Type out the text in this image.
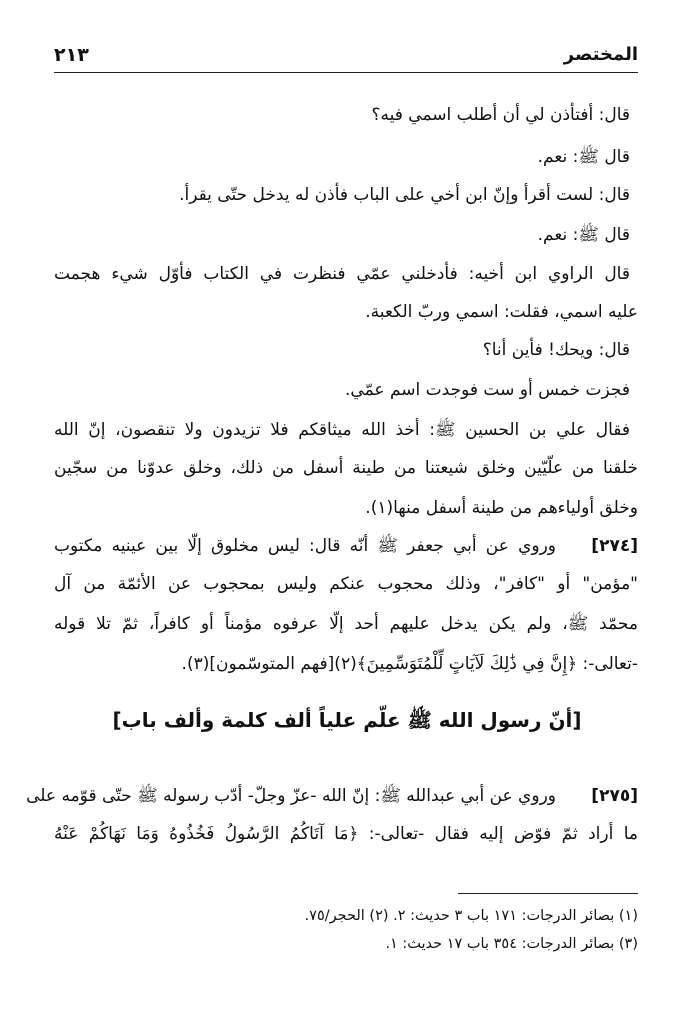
٢١٣	المختصر
قال: أفتأذن لي أن أطلب اسمي فيه؟
قال ﷺ: نعم.
قال: لست أقرأ وإنّ ابن أخي على الباب فأذن له يدخل حتّى يقرأ.
قال ﷺ: نعم.
قال الراوي ابن أخيه: فأدخلني عمّي فنظرت في الكتاب فأوّل شيء هجمت
عليه اسمي، فقلت: اسمي وربّ الكعبة.
قال: ويحك! فأين أنا؟
فجزت خمس أو ست فوجدت اسم عمّي.
فقال علي بن الحسين ﷺ: أخذ الله ميثاقكم فلا تزيدون ولا تنقصون، إنّ الله
خلقنا من علّيّين وخلق شيعتنا من طينة أسفل من ذلك، وخلق عدوّنا من سجّين
وخلق أولياءهم من طينة أسفل منها(١).
[٢٧٤]
وروي عن أبي جعفر ﷺ أنّه قال: ليس مخلوق إلّا بين عينيه مكتوب
"مؤمن" أو "كافر"، وذلك محجوب عنكم وليس بمحجوب عن الأئمّة من آل
محمّد ﷺ، ولم يكن يدخل عليهم أحد إلّا عرفوه مؤمناً أو كافراً، ثمّ تلا قوله
-تعالى-: ﴿إِنَّ فِي ذَٰلِكَ لَآيَاتٍ لِّلْمُتَوَسِّمِينَ﴾(٢)[فهم المتوسّمون](٣).
[أنّ رسول الله ﷺ علّم علياً ألف كلمة وألف باب]
[٢٧٥]
وروي عن أبي عبدالله ﷺ: إنّ الله -عزّ وجلّ- أدّب رسوله ﷺ حتّى قوّمه على
ما أراد ثمّ فوّض إليه فقال -تعالى-: ﴿مَا آتَاكُمُ الرَّسُولُ فَخُذُوهُ وَمَا نَهَاكُمْ عَنْهُ
(١) بصائر الدرجات: ١٧١ باب ٣ حديث: ٢. (٢) الحجر/٧٥.
(٣) بصائر الدرجات: ٣٥٤ باب ١٧ حديث: ١.
